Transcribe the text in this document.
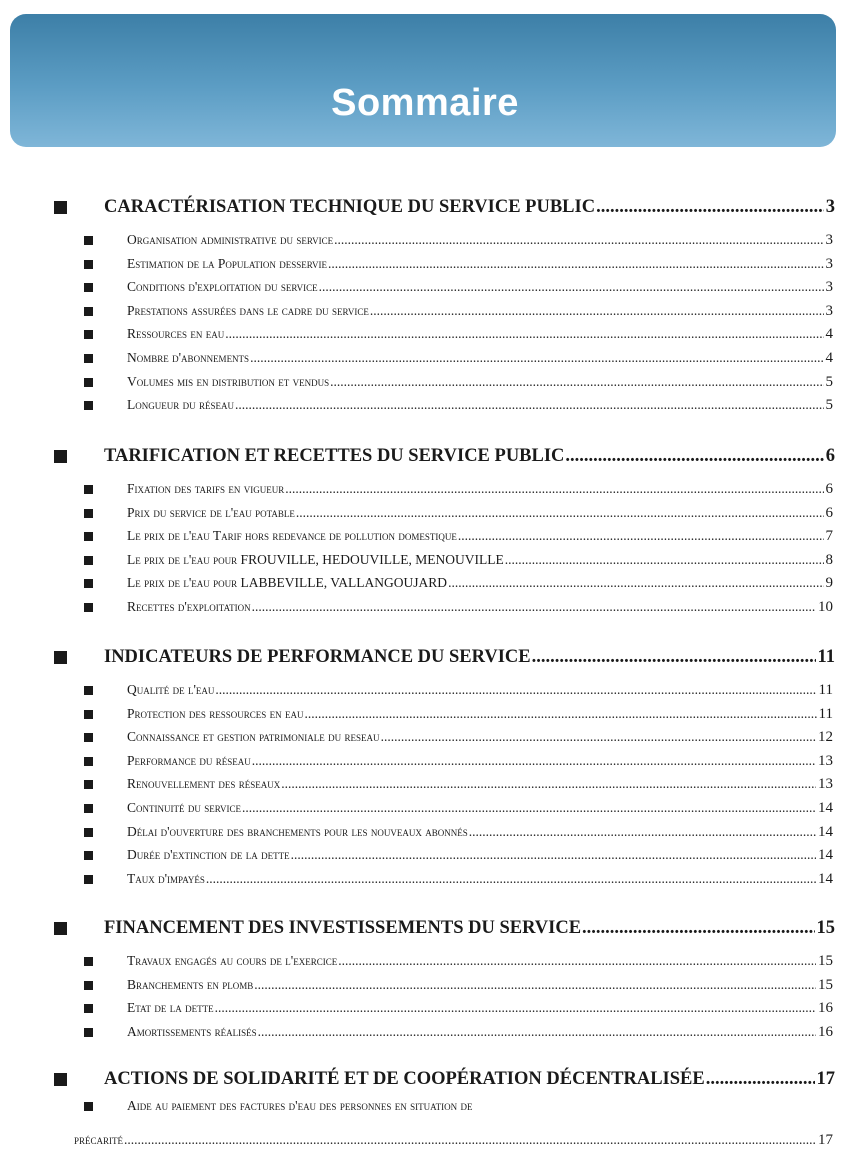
Sommaire
CARACTÉRISATION TECHNIQUE DU SERVICE PUBLIC .....	3
Organisation administrative du service .....	3
Estimation de la Population desservie .....	3
Conditions d'exploitation du service .....	3
Prestations assurées dans le cadre du service .....	3
Ressources en eau .....	4
Nombre d'abonnements .....	4
Volumes mis en distribution et vendus .....	5
Longueur du réseau .....	5
TARIFICATION ET RECETTES DU SERVICE PUBLIC .....	6
Fixation des tarifs en vigueur .....	6
Prix du service de l'eau potable .....	6
Le prix de l'eau Tarif hors redevance de pollution domestique .....	7
Le prix de l'eau pour FROUVILLE, HEDOUVILLE, MENOUVILLE .....	8
Le prix de l'eau pour LABBEVILLE, VALLANGOUJARD .....	9
Recettes d'exploitation .....	10
INDICATEURS DE PERFORMANCE DU SERVICE .....	11
Qualité de l'eau .....	11
Protection des ressources en eau .....	11
Connaissance et gestion patrimoniale du reseau .....	12
Performance du réseau .....	13
Renouvellement des réseaux .....	13
Continuité du service .....	14
Délai d'ouverture des branchements pour les nouveaux abonnés .....	14
Durée d'extinction de la dette .....	14
Taux d'impayés .....	14
FINANCEMENT DES INVESTISSEMENTS DU SERVICE .....	15
Travaux engagés au cours de l'exercice .....	15
Branchements en plomb .....	15
Etat de la dette .....	16
Amortissements réalisés .....	16
ACTIONS DE SOLIDARITÉ ET DE COOPÉRATION DÉCENTRALISÉE .....	17
Aide au paiement des factures d'eau des personnes en situation de
précarité .....	17
